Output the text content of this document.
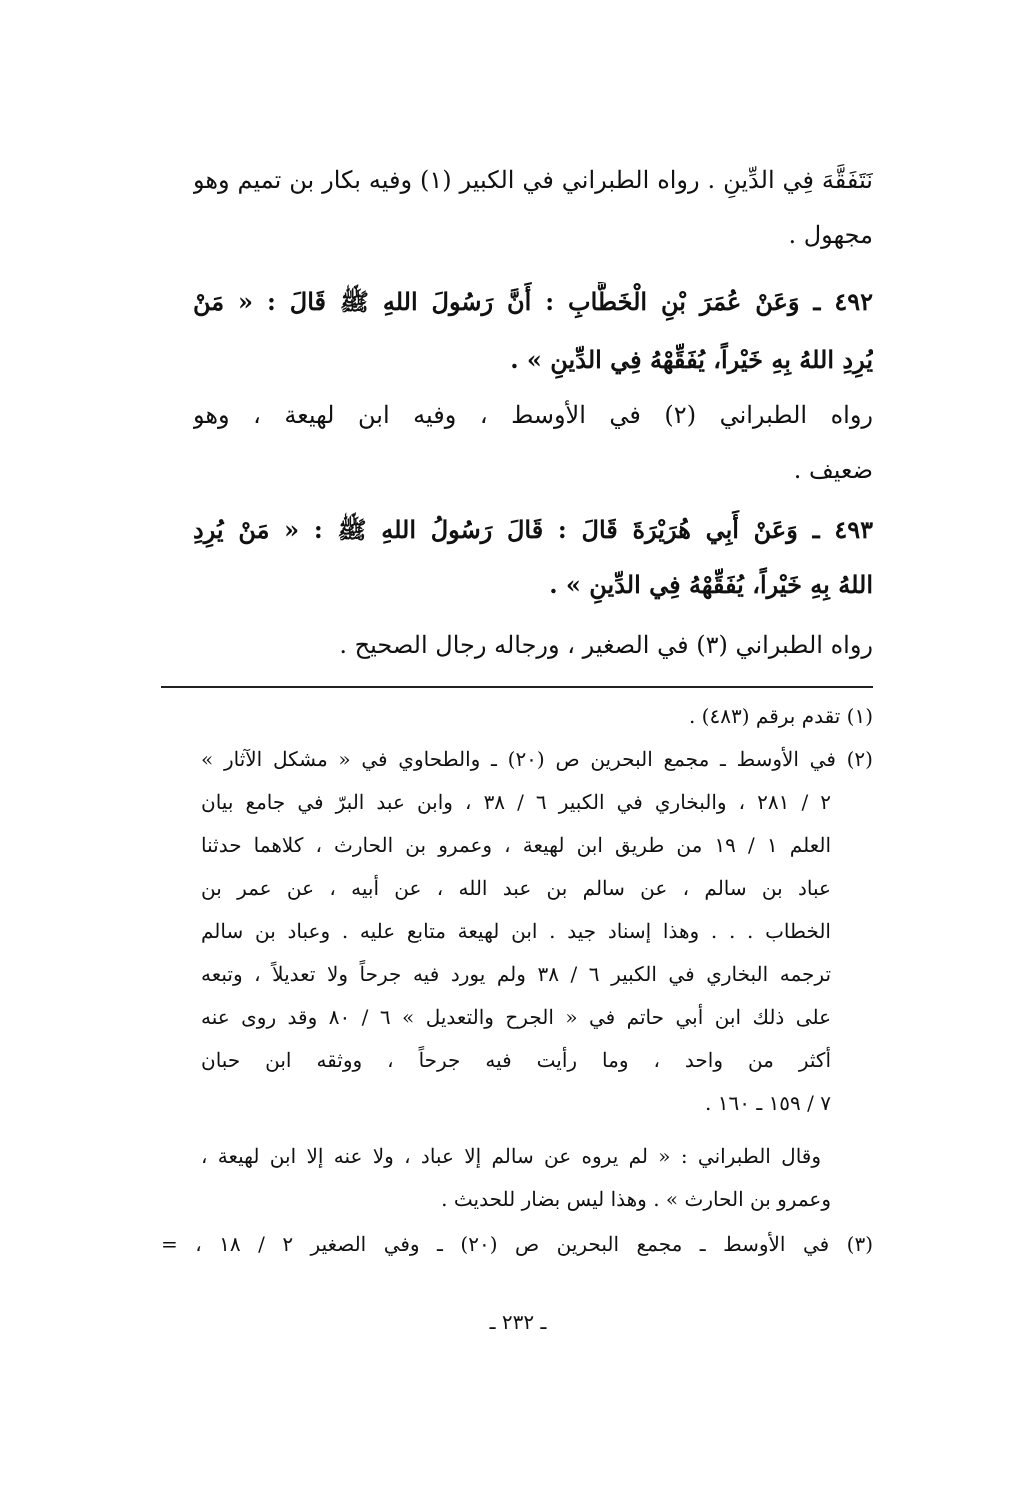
نَتَفَقَّهَ فِي الدِّينِ . رواه الطبراني في الكبير (١) وفيه بكار بن تميم وهو
مجهول .
٤٩٢ ـ وَعَنْ عُمَرَ بْنِ الْخَطَّابِ : أَنَّ رَسُولَ اللهِ ﷺ قَالَ : « مَنْ
يُرِدِ اللهُ بِهِ خَيْراً، يُفَقِّهْهُ فِي الدِّينِ » .
رواه الطبراني (٢) في الأوسط ، وفيه ابن لهيعة ، وهو
ضعيف .
٤٩٣ ـ وَعَنْ أَبِي هُرَيْرَةَ قَالَ : قَالَ رَسُولُ اللهِ ﷺ : « مَنْ يُرِدِ
اللهُ بِهِ خَيْراً، يُفَقِّهْهُ فِي الدِّينِ » .
رواه الطبراني (٣) في الصغير ، ورجاله رجال الصحيح .
(١) تقدم برقم (٤٨٣) .
(٢) في الأوسط ـ مجمع البحرين ص (٢٠) ـ والطحاوي في « مشكل الآثار »
٢ / ٢٨١ ، والبخاري في الكبير ٦ / ٣٨ ، وابن عبد البرّ في جامع بيان
العلم ١ / ١٩ من طريق ابن لهيعة ، وعمرو بن الحارث ، كلاهما حدثنا
عباد بن سالم ، عن سالم بن عبد الله ، عن أبيه ، عن عمر بن
الخطاب . . . وهذا إسناد جيد . ابن لهيعة متابع عليه . وعباد بن سالم
ترجمه البخاري في الكبير ٦ / ٣٨ ولم يورد فيه جرحاً ولا تعديلاً ، وتبعه
على ذلك ابن أبي حاتم في « الجرح والتعديل » ٦ / ٨٠ وقد روى عنه
أكثر من واحد ، وما رأيت فيه جرحاً ، ووثقه ابن حبان
٧ / ١٥٩ ـ ١٦٠ .
وقال الطبراني : « لم يروه عن سالم إلا عباد ، ولا عنه إلا ابن لهيعة ،
وعمرو بن الحارث » . وهذا ليس بضار للحديث .
(٣) في الأوسط ـ مجمع البحرين ص (٢٠) ـ وفي الصغير ٢ / ١٨ ، =
ـ ٢٣٢ ـ
